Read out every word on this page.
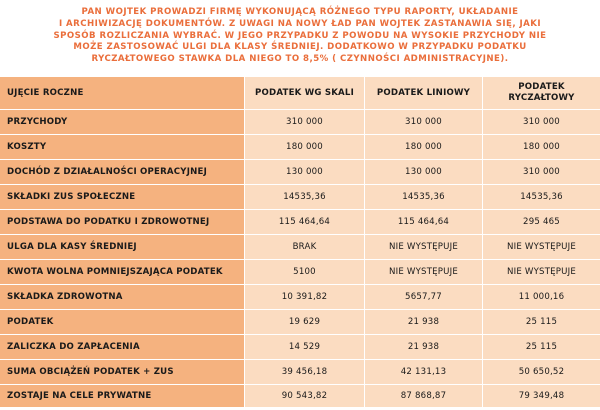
PAN WOJTEK PROWADZI FIRMĘ WYKONUJĄCĄ RÓŻNEGO TYPU RAPORTY, UKŁADANIE
I ARCHIWIZACJĘ DOKUMENTÓW. Z UWAGI NA NOWY ŁAD PAN WOJTEK ZASTANAWIA SIĘ, JAKI
SPOSÓB ROZLICZANIA WYBRAĆ. W JEGO PRZYPADKU Z POWODU NA WYSOKIE PRZYCHODY NIE
MOŻE ZASTOSOWAĆ ULGI DLA KLASY ŚREDNIEJ. DODATKOWO W PRZYPADKU PODATKU
RYCZAŁTOWEGO STAWKA DLA NIEGO TO 8,5% ( CZYNNOŚCI ADMINISTRACYJNE).
UJĘCIE ROCZNE	PODATEK WG SKALI	PODATEK LINIOWY	PODATEK RYCZAŁTOWY
PRZYCHODY	310 000	310 000	310 000
KOSZTY	180 000	180 000	180 000
DOCHÓD Z DZIAŁALNOŚCI OPERACYJNEJ	130 000	130 000	310 000
SKŁADKI ZUS SPOŁECZNE	14535,36	14535,36	14535,36
PODSTAWA DO PODATKU I ZDROWOTNEJ	115 464,64	115 464,64	295 465
ULGA DLA KASY ŚREDNIEJ	BRAK	NIE WYSTĘPUJE	NIE WYSTĘPUJE
KWOTA WOLNA POMNIEJSZAJĄCA PODATEK	5100	NIE WYSTĘPUJE	NIE WYSTĘPUJE
SKŁADKA ZDROWOTNA	10 391,82	5657,77	11 000,16
PODATEK	19 629	21 938	25 115
ZALICZKA DO ZAPŁACENIA	14 529	21 938	25 115
SUMA OBCIĄŻEŃ PODATEK + ZUS	39 456,18	42 131,13	50 650,52
ZOSTAJE NA CELE PRYWATNE	90 543,82	87 868,87	79 349,48
